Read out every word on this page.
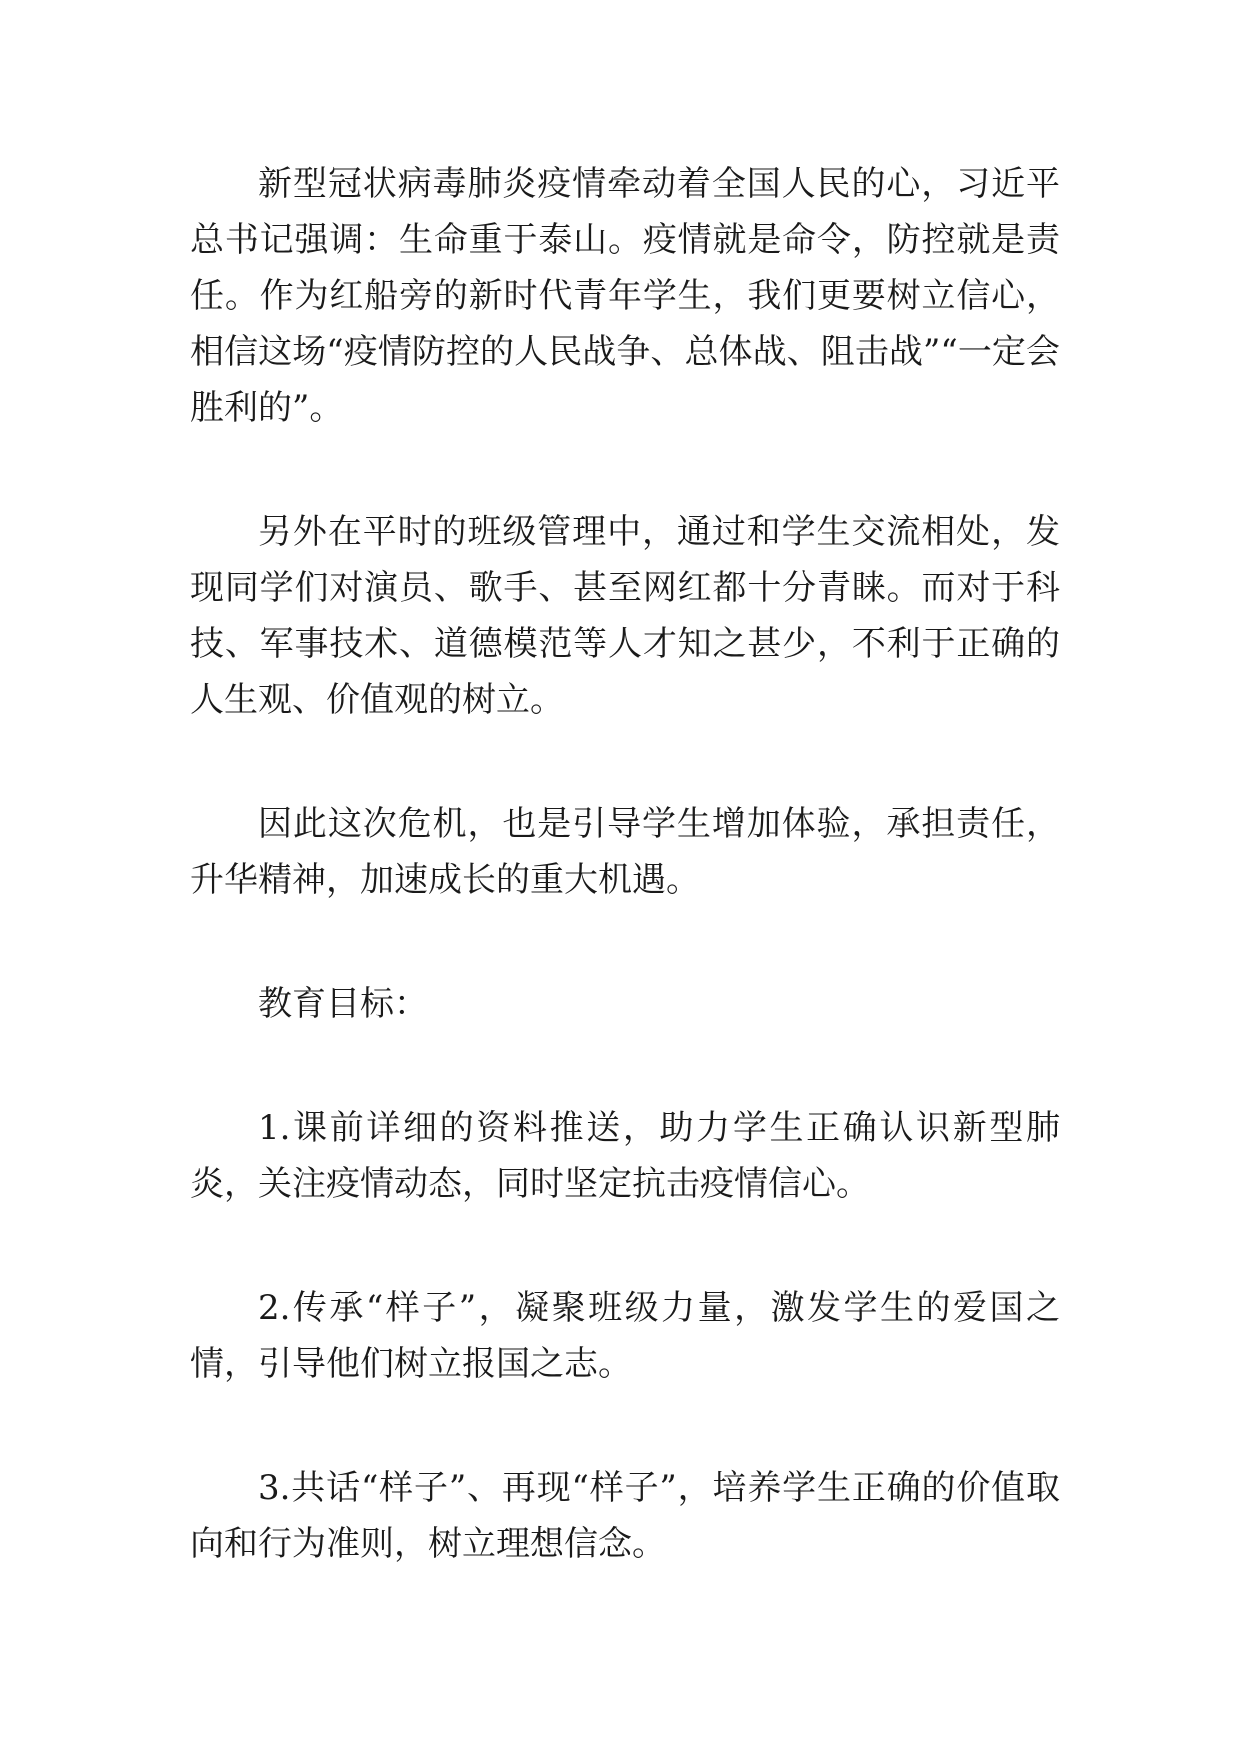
新型冠状病毒肺炎疫情牵动着全国人民的心，习近平总书记强调：生命重于泰山。疫情就是命令，防控就是责任。作为红船旁的新时代青年学生，我们更要树立信心，相信这场“疫情防控的人民战争、总体战、阻击战”“一定会胜利的”。

另外在平时的班级管理中，通过和学生交流相处，发现同学们对演员、歌手、甚至网红都十分青睐。而对于科技、军事技术、道德模范等人才知之甚少，不利于正确的人生观、价值观的树立。

因此这次危机，也是引导学生增加体验，承担责任，升华精神，加速成长的重大机遇。

教育目标：

1.课前详细的资料推送，助力学生正确认识新型肺炎，关注疫情动态，同时坚定抗击疫情信心。

2.传承“样子”，凝聚班级力量，激发学生的爱国之情，引导他们树立报国之志。

3.共话“样子”、再现“样子”，培养学生正确的价值取向和行为准则，树立理想信念。
